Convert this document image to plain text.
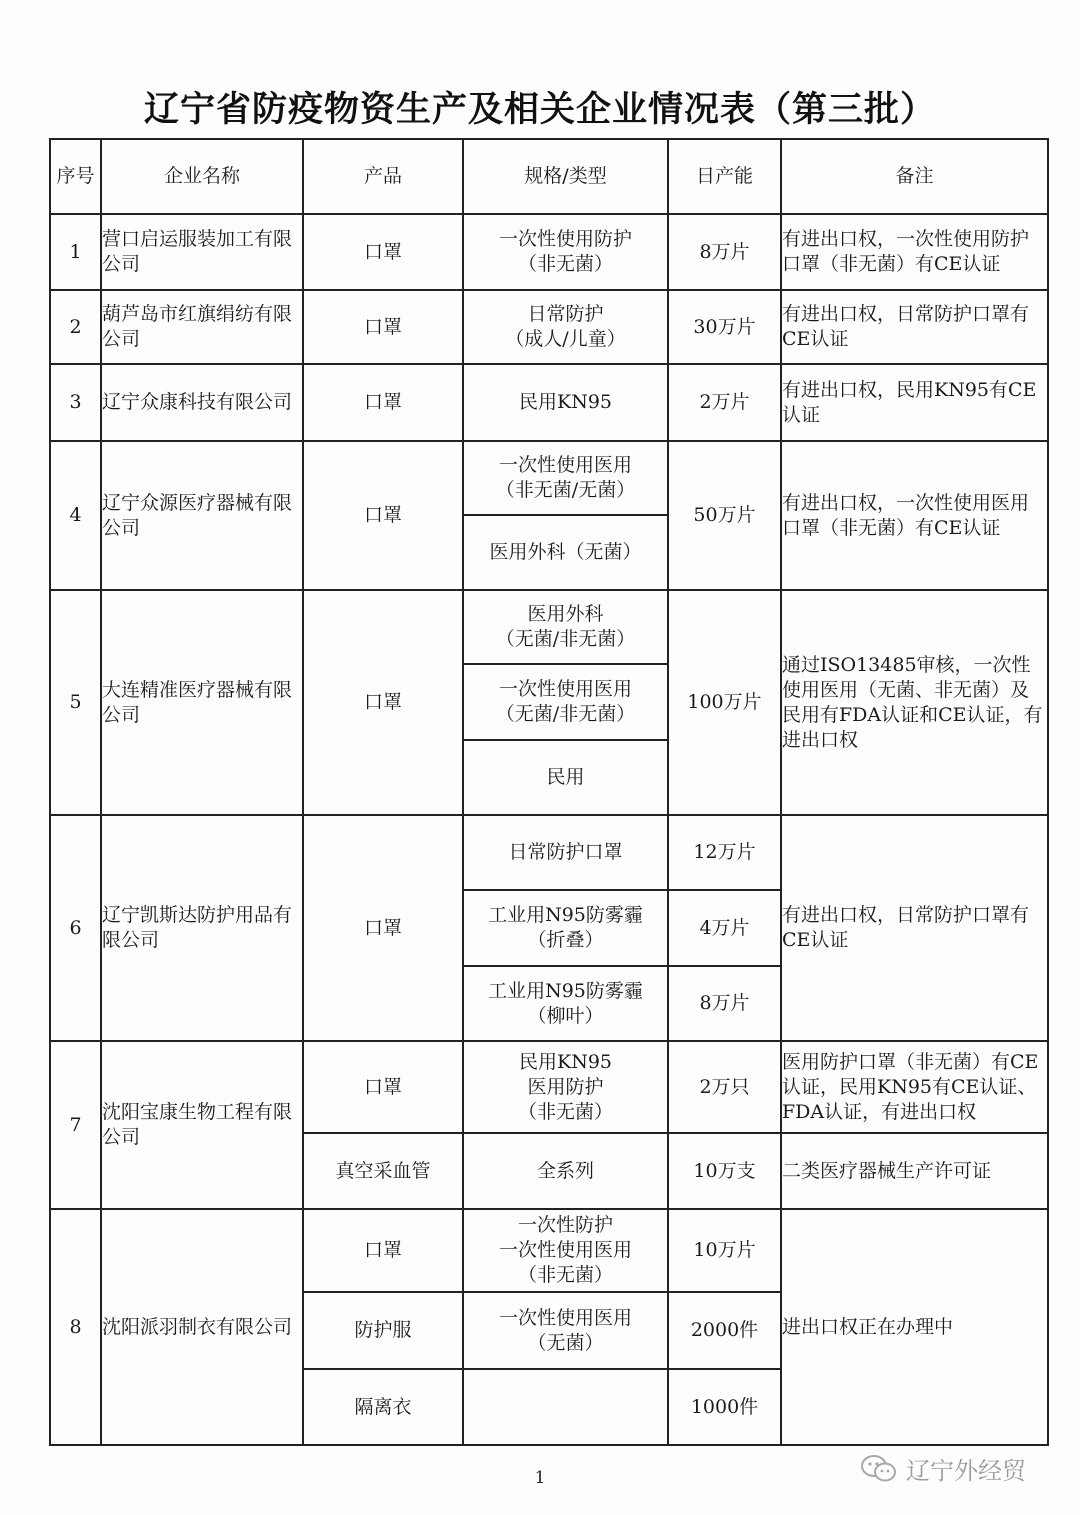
辽宁省防疫物资生产及相关企业情况表（第三批）
序号	企业名称	产品	规格/类型	日产能	备注
1	营口启运服装加工有限公司	口罩	一次性使用防护
（非无菌）	8万片	有进出口权，一次性使用防护口罩（非无菌）有CE认证
2	葫芦岛市红旗绢纺有限公司	口罩	日常防护
（成人/儿童）	30万片	有进出口权，日常防护口罩有CE认证
3	辽宁众康科技有限公司	口罩	民用KN95	2万片	有进出口权，民用KN95有CE认证
4	辽宁众源医疗器械有限公司	口罩	一次性使用医用
（非无菌/无菌）	50万片	有进出口权，一次性使用医用口罩（非无菌）有CE认证
			医用外科（无菌）		
5	大连精准医疗器械有限公司	口罩	医用外科
（无菌/非无菌）	100万片	通过ISO13485审核，一次性使用医用（无菌、非无菌）及民用有FDA认证和CE认证，有进出口权
			一次性使用医用
（无菌/非无菌）		
			民用		
6	辽宁凯斯达防护用品有限公司	口罩	日常防护口罩	12万片	有进出口权，日常防护口罩有CE认证
			工业用N95防雾霾
（折叠）	4万片	
			工业用N95防雾霾
（柳叶）	8万片	
7	沈阳宝康生物工程有限公司	口罩	民用KN95
医用防护
（非无菌）	2万只	医用防护口罩（非无菌）有CE认证，民用KN95有CE认证、FDA认证，有进出口权
		真空采血管	全系列	10万支	二类医疗器械生产许可证
8	沈阳派羽制衣有限公司	口罩	一次性防护
一次性使用医用
（非无菌）	10万片	进出口权正在办理中
		防护服	一次性使用医用
（无菌）	2000件	
		隔离衣		1000件	
1	辽宁外经贸
